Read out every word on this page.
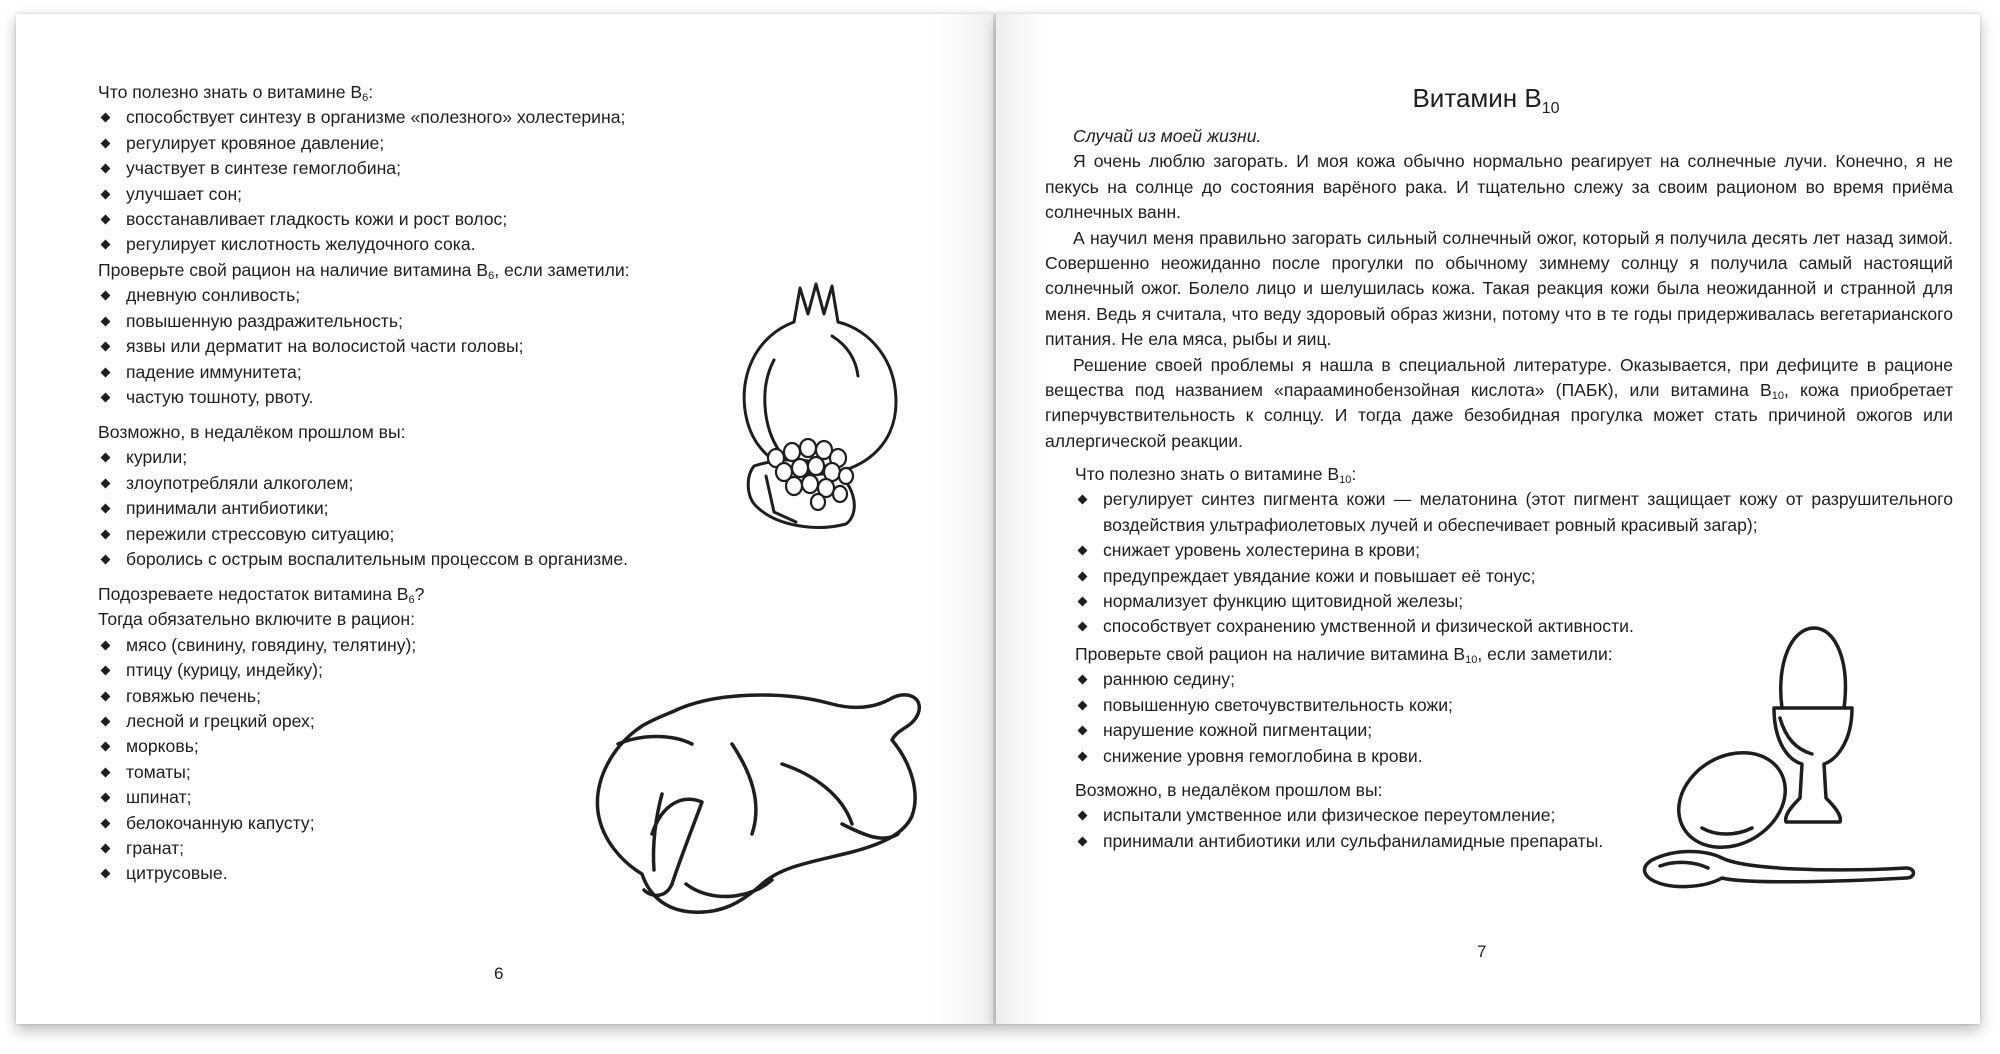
Что полезно знать о витамине $В_6$:

способствует синтезу в организме «полезного» холестерина;
регулирует кровяное давление;
участвует в синтезе гемоглобина;
улучшает сон;
восстанавливает гладкость кожи и рост волос;
регулирует кислотность желудочного сока.

Проверьте свой рацион на наличие витамина $В_6$, если заметили:

дневную сонливость;
повышенную раздражительность;
язвы или дерматит на волосистой части головы;
падение иммунитета;
частую тошноту, рвоту.

Возможно, в недалёком прошлом вы:

курили;
злоупотребляли алкоголем;
принимали антибиотики;
пережили стрессовую ситуацию;
боролись с острым воспалительным процессом в организме.

Подозреваете недостаток витамина $В_6$?

Тогда обязательно включите в рацион:

мясо (свинину, говядину, телятину);
птицу (курицу, индейку);
говяжью печень;
лесной и грецкий орех;
морковь;
томаты;
шпинат;
белокочанную капусту;
гранат;
цитрусовые.
6
Витамин $В_{10}$

Случай из моей жизни.

Я очень люблю загорать. И моя кожа обычно нормально реагирует на солнечные лучи. Конечно, я не пекусь на солнце до состояния варёного рака. И тщательно слежу за своим рационом во время приёма солнечных ванн.

А научил меня правильно загорать сильный солнечный ожог, который я получила десять лет назад зимой. Совершенно неожиданно после прогулки по обычному зимнему солнцу я получила самый настоящий солнечный ожог. Болело лицо и шелушилась кожа. Такая реакция кожи была неожиданной и странной для меня. Ведь я считала, что веду здоровый образ жизни, потому что в те годы придерживалась вегетарианского питания. Не ела мяса, рыбы и яиц.

Решение своей проблемы я нашла в специальной литературе. Оказывается, при дефиците в рационе вещества под названием «парааминобензойная кислота» (ПАБК), или витамина $В_{10}$, кожа приобретает гиперчувствительность к солнцу. И тогда даже безобидная прогулка может стать причиной ожогов или аллергической реакции.

Что полезно знать о витамине $В_{10}$:

регулирует синтез пигмента кожи — мелатонина (этот пигмент защищает кожу от разрушительного воздействия ультрафиолетовых лучей и обеспечивает ровный красивый загар);
снижает уровень холестерина в крови;
предупреждает увядание кожи и повышает её тонус;
нормализует функцию щитовидной железы;
способствует сохранению умственной и физической активности.

Проверьте свой рацион на наличие витамина $В_{10}$, если заметили:

раннюю седину;
повышенную светочувствительность кожи;
нарушение кожной пигментации;
снижение уровня гемоглобина в крови.

Возможно, в недалёком прошлом вы:

испытали умственное или физическое переутомление;
принимали антибиотики или сульфаниламидные препараты.
7
